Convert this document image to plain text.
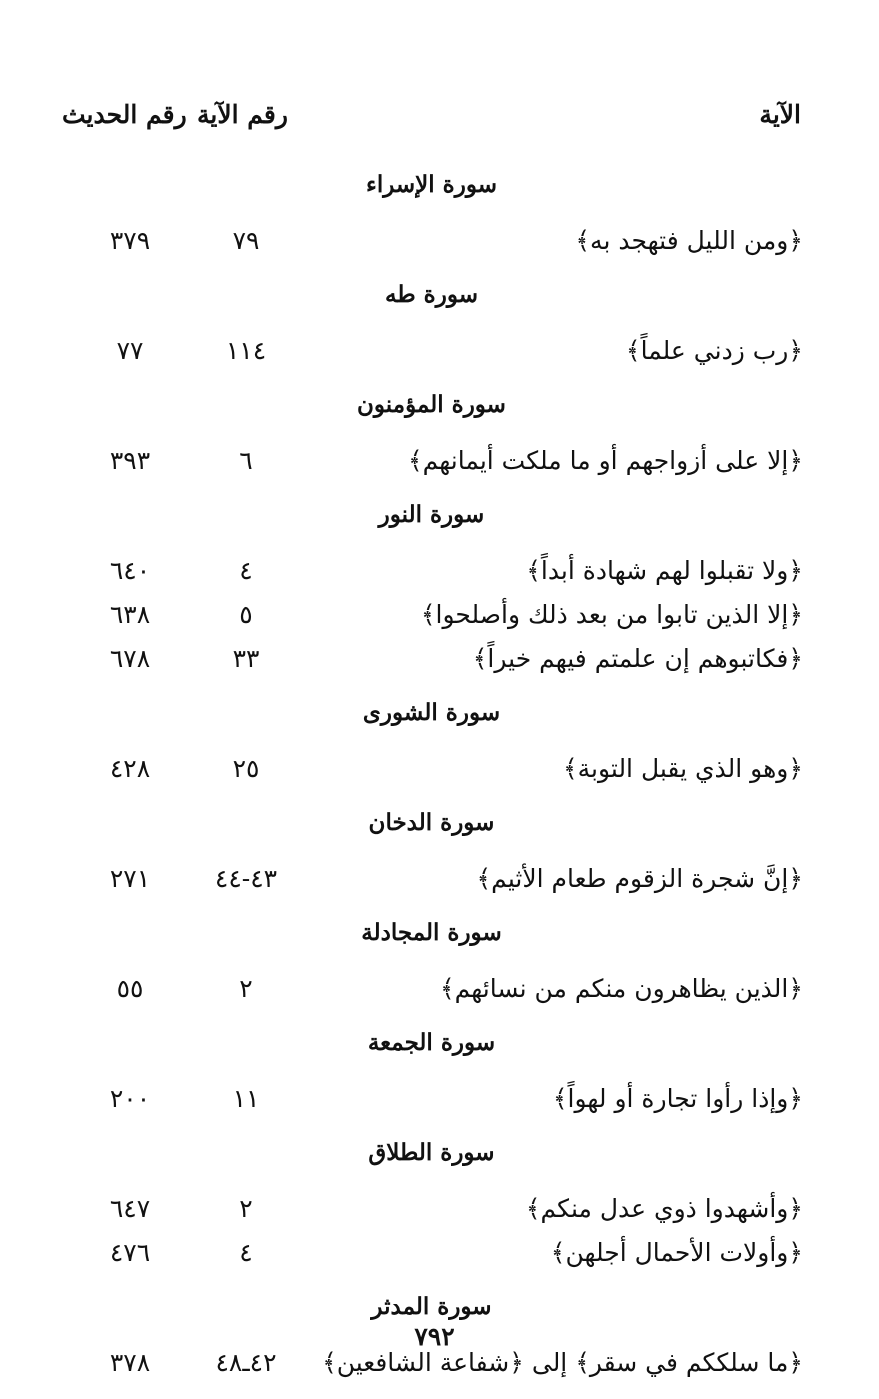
الآية
رقم الآية
رقم الحديث
سورة الإسراء
﴿ومن الليل فتهجد به﴾
٧٩
٣٧٩
سورة طه
﴿رب زدني علماً﴾
١١٤
٧٧
سورة المؤمنون
﴿إلا على أزواجهم أو ما ملكت أيمانهم﴾
٦
٣٩٣
سورة النور
﴿ولا تقبلوا لهم شهادة أبداً﴾
٤
٦٤٠
﴿إلا الذين تابوا من بعد ذلك وأصلحوا﴾
٥
٦٣٨
﴿فكاتبوهم إن علمتم فيهم خيراً﴾
٣٣
٦٧٨
سورة الشورى
﴿وهو الذي يقبل التوبة﴾
٢٥
٤٢٨
سورة الدخان
﴿إنَّ شجرة الزقوم طعام الأثيم﴾
٤٣-٤٤
٢٧١
سورة المجادلة
﴿الذين يظاهرون منكم من نسائهم﴾
٢
٥٥
سورة الجمعة
﴿وإذا رأوا تجارة أو لهواً﴾
١١
٢٠٠
سورة الطلاق
﴿وأشهدوا ذوي عدل منكم﴾
٢
٦٤٧
﴿وأولات الأحمال أجلهن﴾
٤
٤٧٦
سورة المدثر
﴿ما سلككم في سقر﴾ إلى ﴿شفاعة الشافعين﴾
٤٢ـ٤٨
٣٧٨
٧٩٢
